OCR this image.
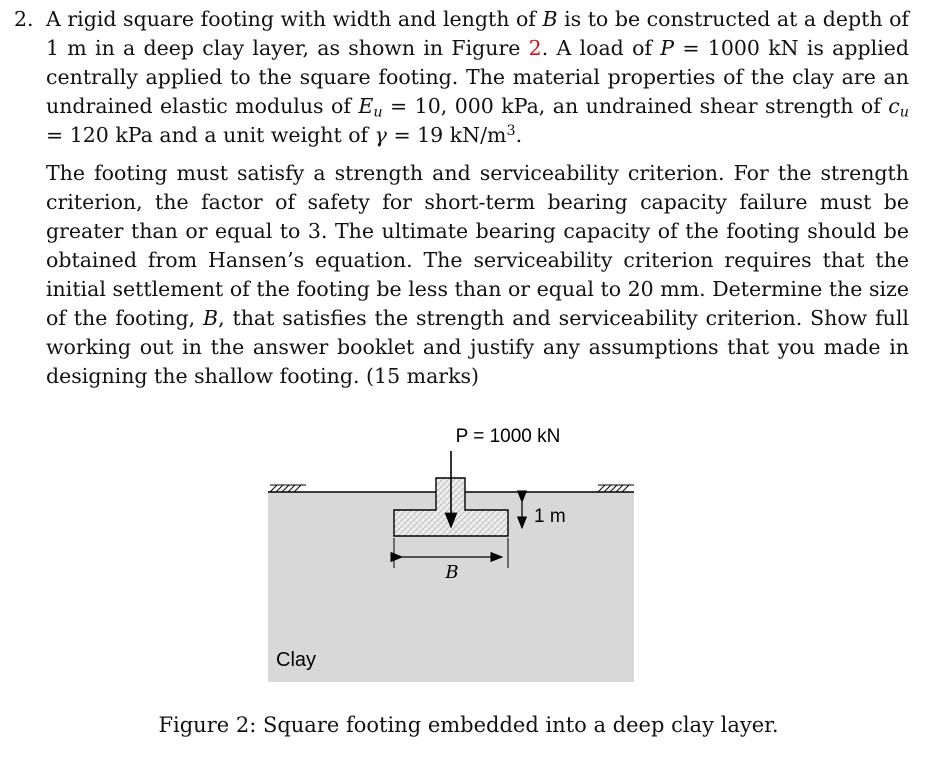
2. A rigid square footing with width and length of B is to be constructed at a depth of 1 m in a deep clay layer, as shown in Figure 2. A load of P = 1000 kN is applied centrally applied to the square footing. The material properties of the clay are an undrained elastic modulus of $E_u = 10$, 000 kPa, an undrained shear strength of $c_u = 120$ kPa and a unit weight of γ = 19 $kN/m^3$.

The footing must satisfy a strength and serviceability criterion. For the strength criterion, the factor of safety for short-term bearing capacity failure must be greater than or equal to 3. The ultimate bearing capacity of the footing should be obtained from Hansen’s equation. The serviceability criterion requires that the initial settlement of the footing be less than or equal to 20 mm. Determine the size of the footing, B, that satisfies the strength and serviceability criterion. Show full working out in the answer booklet and justify any assumptions that you made in designing the shallow footing. (15 marks)

P = 1000 kN
1 m
B
Clay
Figure 2: Square footing embedded into a deep clay layer.
